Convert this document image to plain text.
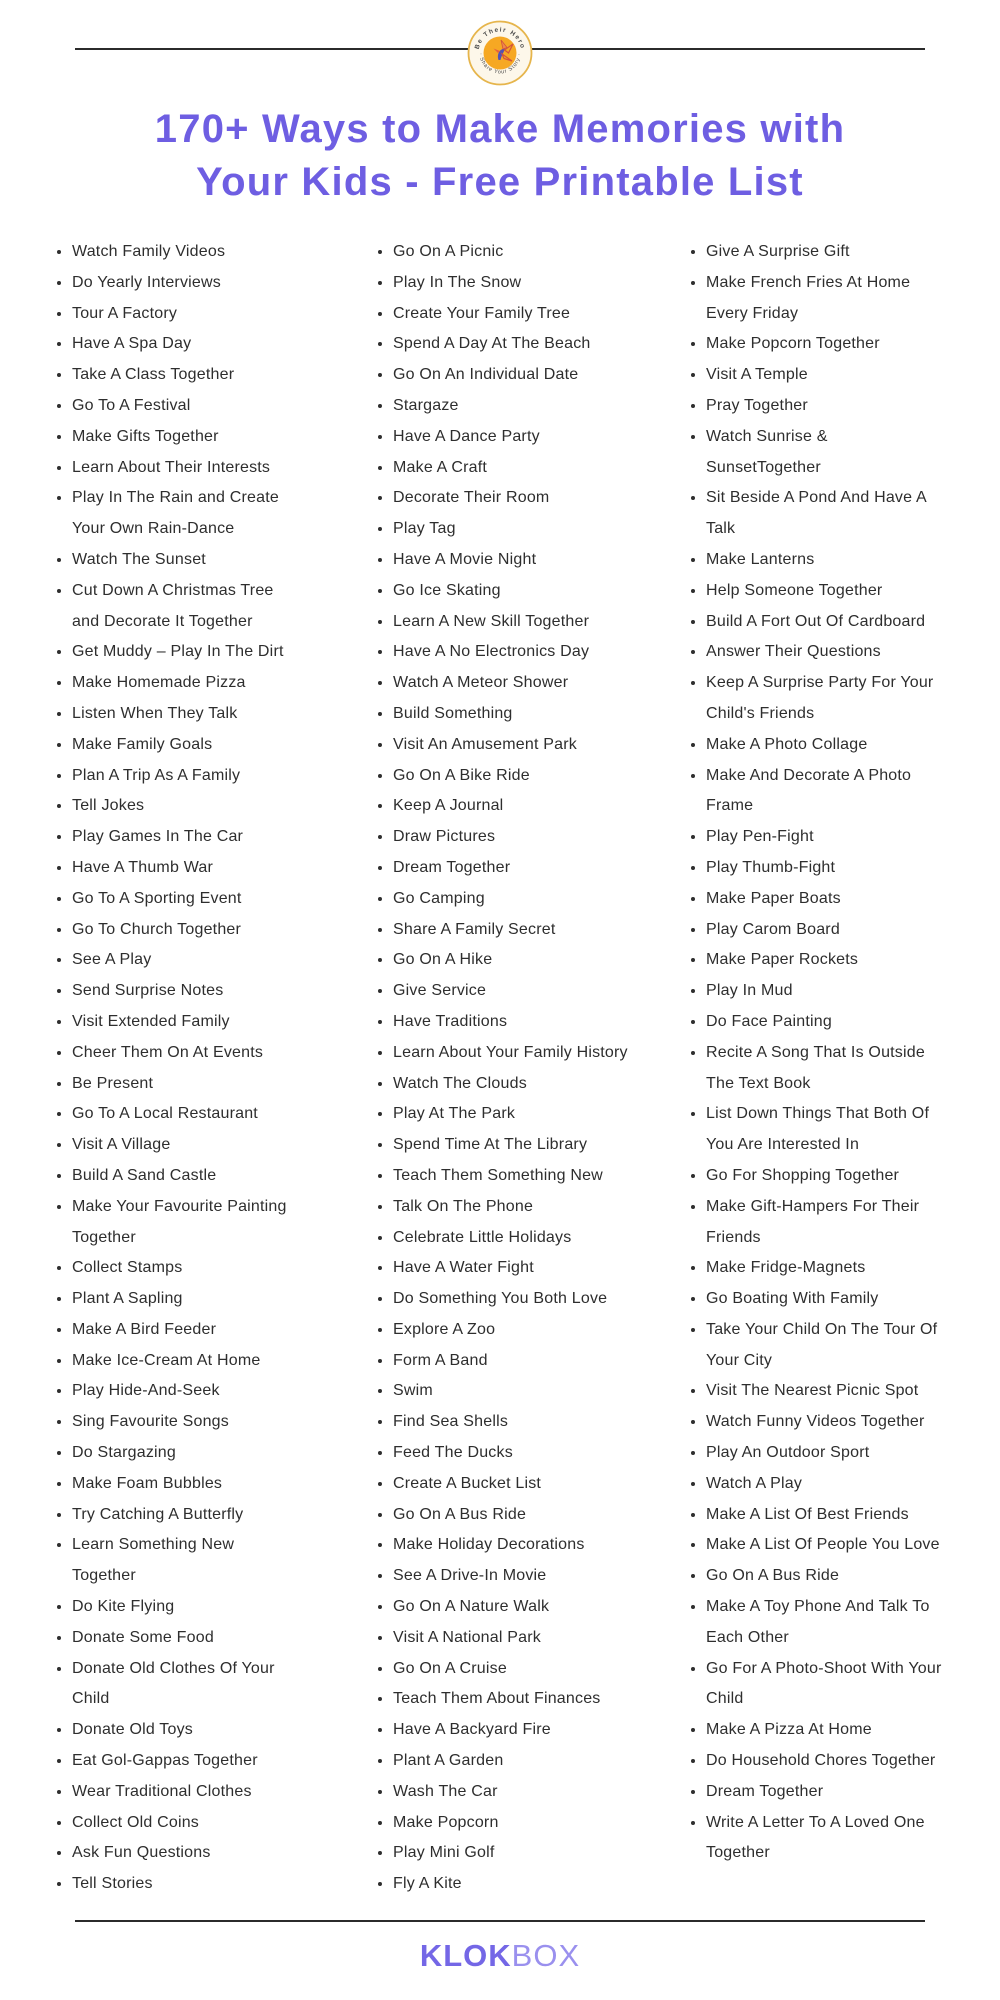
Be Their Hero
· Share Your Story ·
170+ Ways to Make Memories with
Your Kids - Free Printable List
• Watch Family Videos
• Do Yearly Interviews
• Tour A Factory
• Have A Spa Day
• Take A Class Together
• Go To A Festival
• Make Gifts Together
• Learn About Their Interests
• Play In The Rain and Create Your Own Rain-Dance
• Watch The Sunset
• Cut Down A Christmas Tree and Decorate It Together
• Get Muddy – Play In The Dirt
• Make Homemade Pizza
• Listen When They Talk
• Make Family Goals
• Plan A Trip As A Family
• Tell Jokes
• Play Games In The Car
• Have A Thumb War
• Go To A Sporting Event
• Go To Church Together
• See A Play
• Send Surprise Notes
• Visit Extended Family
• Cheer Them On At Events
• Be Present
• Go To A Local Restaurant
• Visit A Village
• Build A Sand Castle
• Make Your Favourite Painting Together
• Collect Stamps
• Plant A Sapling
• Make A Bird Feeder
• Make Ice-Cream At Home
• Play Hide-And-Seek
• Sing Favourite Songs
• Do Stargazing
• Make Foam Bubbles
• Try Catching A Butterfly
• Learn Something New Together
• Do Kite Flying
• Donate Some Food
• Donate Old Clothes Of Your Child
• Donate Old Toys
• Eat Gol-Gappas Together
• Wear Traditional Clothes
• Collect Old Coins
• Ask Fun Questions
• Tell Stories
• Go On A Picnic
• Play In The Snow
• Create Your Family Tree
• Spend A Day At The Beach
• Go On An Individual Date
• Stargaze
• Have A Dance Party
• Make A Craft
• Decorate Their Room
• Play Tag
• Have A Movie Night
• Go Ice Skating
• Learn A New Skill Together
• Have A No Electronics Day
• Watch A Meteor Shower
• Build Something
• Visit An Amusement Park
• Go On A Bike Ride
• Keep A Journal
• Draw Pictures
• Dream Together
• Go Camping
• Share A Family Secret
• Go On A Hike
• Give Service
• Have Traditions
• Learn About Your Family History
• Watch The Clouds
• Play At The Park
• Spend Time At The Library
• Teach Them Something New
• Talk On The Phone
• Celebrate Little Holidays
• Have A Water Fight
• Do Something You Both Love
• Explore A Zoo
• Form A Band
• Swim
• Find Sea Shells
• Feed The Ducks
• Create A Bucket List
• Go On A Bus Ride
• Make Holiday Decorations
• See A Drive-In Movie
• Go On A Nature Walk
• Visit A National Park
• Go On A Cruise
• Teach Them About Finances
• Have A Backyard Fire
• Plant A Garden
• Wash The Car
• Make Popcorn
• Play Mini Golf
• Fly A Kite
• Give A Surprise Gift
• Make French Fries At Home Every Friday
• Make Popcorn Together
• Visit A Temple
• Pray Together
• Watch Sunrise & SunsetTogether
• Sit Beside A Pond And Have A Talk
• Make Lanterns
• Help Someone Together
• Build A Fort Out Of Cardboard
• Answer Their Questions
• Keep A Surprise Party For Your Child's Friends
• Make A Photo Collage
• Make And Decorate A Photo Frame
• Play Pen-Fight
• Play Thumb-Fight
• Make Paper Boats
• Play Carom Board
• Make Paper Rockets
• Play In Mud
• Do Face Painting
• Recite A Song That Is Outside The Text Book
• List Down Things That Both Of You Are Interested In
• Go For Shopping Together
• Make Gift-Hampers For Their Friends
• Make Fridge-Magnets
• Go Boating With Family
• Take Your Child On The Tour Of Your City
• Visit The Nearest Picnic Spot
• Watch Funny Videos Together
• Play An Outdoor Sport
• Watch A Play
• Make A List Of Best Friends
• Make A List Of People You Love
• Go On A Bus Ride
• Make A Toy Phone And Talk To Each Other
• Go For A Photo-Shoot With Your Child
• Make A Pizza At Home
• Do Household Chores Together
• Dream Together
• Write A Letter To A Loved One Together
KLOKBOX
